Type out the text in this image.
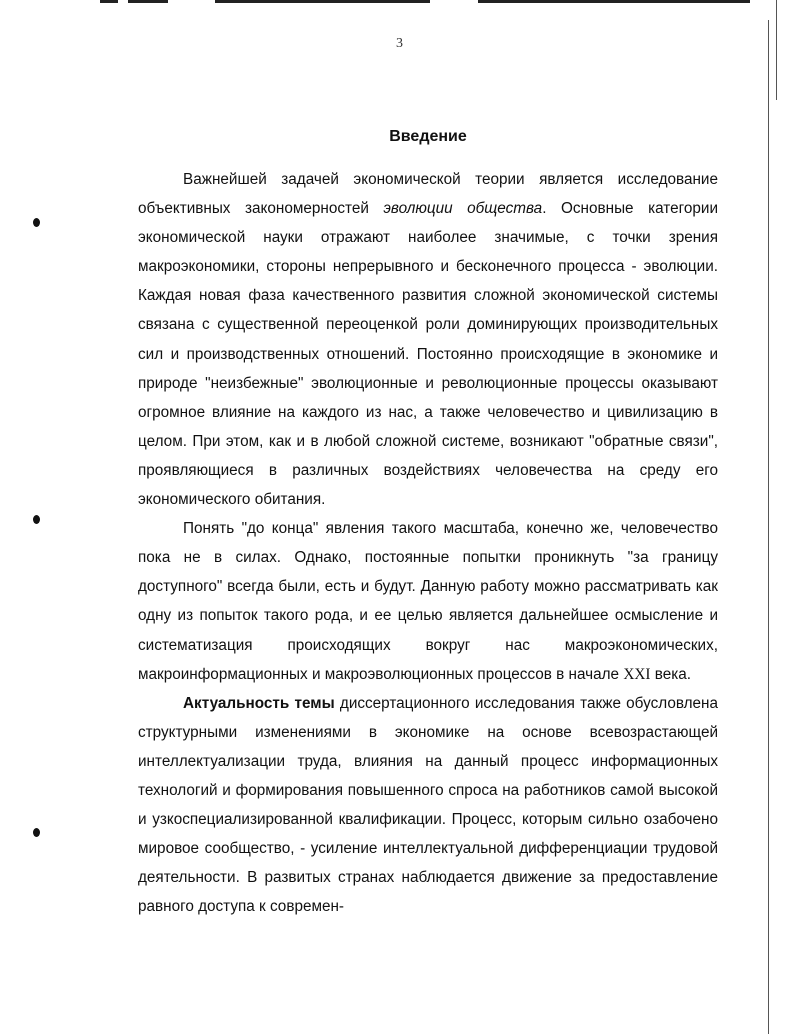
3
Введение

Важнейшей задачей экономической теории является исследование объективных закономерностей эволюции общества. Основные категории экономической науки отражают наиболее значимые, с точки зрения макроэкономики, стороны непрерывного и бесконечного процесса - эволюции. Каждая новая фаза качественного развития сложной экономической системы связана с существенной переоценкой роли доминирующих производительных сил и производственных отношений. Постоянно происходящие в экономике и природе "неизбежные" эволюционные и революционные процессы оказывают огромное влияние на каждого из нас, а также человечество и цивилизацию в целом. При этом, как и в любой сложной системе, возникают "обратные связи", проявляющиеся в различных воздействиях человечества на среду его экономического обитания.

Понять "до конца" явления такого масштаба, конечно же, человечество пока не в силах. Однако, постоянные попытки проникнуть "за границу доступного" всегда были, есть и будут. Данную работу можно рассматривать как одну из попыток такого рода, и ее целью является дальнейшее осмысление и систематизация происходящих вокруг нас макроэкономических, макроинформационных и макроэволюционных процессов в начале XXI века.

Актуальность темы диссертационного исследования также обусловлена структурными изменениями в экономике на основе всевозрастающей интеллектуализации труда, влияния на данный процесс информационных технологий и формирования повышенного спроса на работников самой высокой и узкоспециализированной квалификации. Процесс, которым сильно озабочено мировое сообщество, - усиление интеллектуальной дифференциации трудовой деятельности. В развитых странах наблюдается движение за предоставление равного доступа к современ-
